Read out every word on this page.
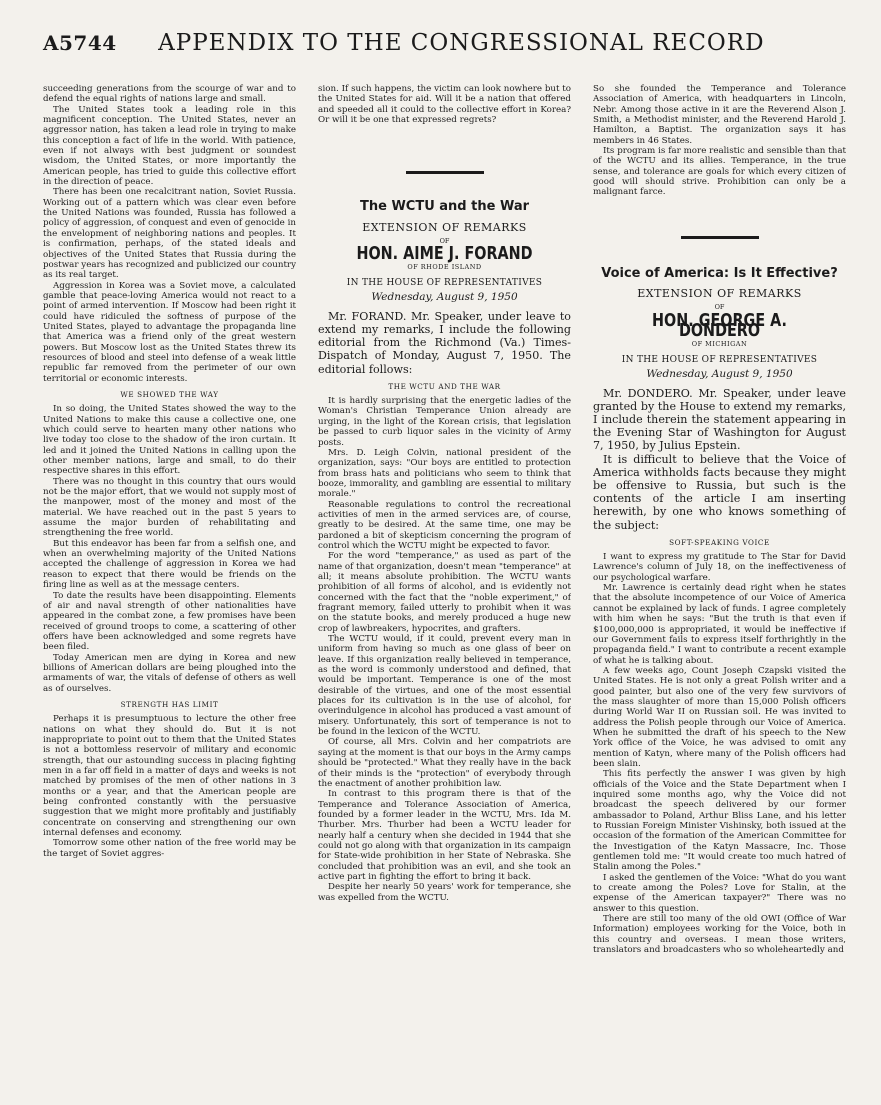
A5744	APPENDIX TO THE CONGRESSIONAL RECORD

succeeding generations from the scourge of war and to defend the equal rights of nations large and small.

The United States took a leading role in this magnificent conception. The United States, never an aggressor nation, has taken a lead role in trying to make this conception a fact of life in the world. With patience, even if not always with best judgment or soundest wisdom, the United States, or more importantly the American people, has tried to guide this collective effort in the direction of peace.

There has been one recalcitrant nation, Soviet Russia. Working out of a pattern which was clear even before the United Nations was founded, Russia has followed a policy of aggression, of conquest and even of genocide in the envelopment of neighboring nations and peoples. It is confirmation, perhaps, of the stated ideals and objectives of the United States that Russia during the postwar years has recognized and publicized our country as its real target.

Aggression in Korea was a Soviet move, a calculated gamble that peace-loving America would not react to a point of armed intervention. If Moscow had been right it could have ridiculed the softness of purpose of the United States, played to advantage the propaganda line that America was a friend only of the great western powers. But Moscow lost as the United States threw its resources of blood and steel into defense of a weak little republic far removed from the perimeter of our own territorial or economic interests.

WE SHOWED THE WAY

In so doing, the United States showed the way to the United Nations to make this cause a collective one, one which could serve to hearten many other nations who live today too close to the shadow of the iron curtain. It led and it joined the United Nations in calling upon the other member nations, large and small, to do their respective shares in this effort.

There was no thought in this country that ours would not be the major effort, that we would not supply most of the manpower, most of the money and most of the material. We have reached out in the past 5 years to assume the major burden of rehabilitating and strengthening the free world.

But this endeavor has been far from a selfish one, and when an overwhelming majority of the United Nations accepted the challenge of aggression in Korea we had reason to expect that there would be friends on the firing line as well as at the message centers.

To date the results have been disappointing. Elements of air and naval strength of other nationalities have appeared in the combat zone, a few promises have been received of ground troops to come, a scattering of other offers have been acknowledged and some regrets have been filed.

Today American men are dying in Korea and new billions of American dollars are being ploughed into the armaments of war, the vitals of defense of others as well as of ourselves.

STRENGTH HAS LIMIT

Perhaps it is presumptuous to lecture the other free nations on what they should do. But it is not inappropriate to point out to them that the United States is not a bottomless reservoir of military and economic strength, that our astounding success in placing fighting men in a far off field in a matter of days and weeks is not matched by promises of the men of other nations in 3 months or a year, and that the American people are being confronted constantly with the persuasive suggestion that we might more profitably and justifiably concentrate on conserving and strengthening our own internal defenses and economy.

Tomorrow some other nation of the free world may be the target of Soviet aggres-

sion. If such happens, the victim can look nowhere but to the United States for aid. Will it be a nation that offered and speeded all it could to the collective effort in Korea? Or will it be one that expressed regrets?

The WCTU and the War
EXTENSION OF REMARKS
OF
HON. AIME J. FORAND
OF RHODE ISLAND
IN THE HOUSE OF REPRESENTATIVES
Wednesday, August 9, 1950

Mr. FORAND. Mr. Speaker, under leave to extend my remarks, I include the following editorial from the Richmond (Va.) Times-Dispatch of Monday, August 7, 1950. The editorial follows:

THE WCTU AND THE WAR

It is hardly surprising that the energetic ladies of the Woman's Christian Temperance Union already are urging, in the light of the Korean crisis, that legislation be passed to curb liquor sales in the vicinity of Army posts.

Mrs. D. Leigh Colvin, national president of the organization, says: "Our boys are entitled to protection from brass hats and politicians who seem to think that booze, immorality, and gambling are essential to military morale."

Reasonable regulations to control the recreational activities of men in the armed services are, of course, greatly to be desired. At the same time, one may be pardoned a bit of skepticism concerning the program of control which the WCTU might be expected to favor.

For the word "temperance," as used as part of the name of that organization, doesn't mean "temperance" at all; it means absolute prohibition. The WCTU wants prohibition of all forms of alcohol, and is evidently not concerned with the fact that the "noble experiment," of fragrant memory, failed utterly to prohibit when it was on the statute books, and merely produced a huge new crop of lawbreakers, hypocrites, and grafters.

The WCTU would, if it could, prevent every man in uniform from having so much as one glass of beer on leave. If this organization really believed in temperance, as the word is commonly understood and defined, that would be important. Temperance is one of the most desirable of the virtues, and one of the most essential places for its cultivation is in the use of alcohol, for overindulgence in alcohol has produced a vast amount of misery. Unfortunately, this sort of temperance is not to be found in the lexicon of the WCTU.

Of course, all Mrs. Colvin and her compatriots are saying at the moment is that our boys in the Army camps should be "protected." What they really have in the back of their minds is the "protection" of everybody through the enactment of another prohibition law.

In contrast to this program there is that of the Temperance and Tolerance Association of America, founded by a former leader in the WCTU, Mrs. Ida M. Thurber. Mrs. Thurber had been a WCTU leader for nearly half a century when she decided in 1944 that she could not go along with that organization in its campaign for State-wide prohibition in her State of Nebraska. She concluded that prohibition was an evil, and she took an active part in fighting the effort to bring it back.

Despite her nearly 50 years' work for temperance, she was expelled from the WCTU.

So she founded the Temperance and Tolerance Association of America, with headquarters in Lincoln, Nebr. Among those active in it are the Reverend Alson J. Smith, a Methodist minister, and the Reverend Harold J. Hamilton, a Baptist. The organization says it has members in 46 States.

Its program is far more realistic and sensible than that of the WCTU and its allies. Temperance, in the true sense, and tolerance are goals for which every citizen of good will should strive. Prohibition can only be a malignant farce.

Voice of America: Is It Effective?
EXTENSION OF REMARKS
OF
HON. GEORGE A. DONDERO
OF MICHIGAN
IN THE HOUSE OF REPRESENTATIVES
Wednesday, August 9, 1950

Mr. DONDERO. Mr. Speaker, under leave granted by the House to extend my remarks, I include therein the statement appearing in the Evening Star of Washington for August 7, 1950, by Julius Epstein.

It is difficult to believe that the Voice of America withholds facts because they might be offensive to Russia, but such is the contents of the article I am inserting herewith, by one who knows something of the subject:

SOFT-SPEAKING VOICE

I want to express my gratitude to The Star for David Lawrence's column of July 18, on the ineffectiveness of our psychological warfare.

Mr. Lawrence is certainly dead right when he states that the absolute incompetence of our Voice of America cannot be explained by lack of funds. I agree completely with him when he says: "But the truth is that even if $100,000,000 is appropriated, it would be ineffective if our Government fails to express itself forthrightly in the propaganda field." I want to contribute a recent example of what he is talking about.

A few weeks ago, Count Joseph Czapski visited the United States. He is not only a great Polish writer and a good painter, but also one of the very few survivors of the mass slaughter of more than 15,000 Polish officers during World War II on Russian soil. He was invited to address the Polish people through our Voice of America. When he submitted the draft of his speech to the New York office of the Voice, he was advised to omit any mention of Katyn, where many of the Polish officers had been slain.

This fits perfectly the answer I was given by high officials of the Voice and the State Department when I inquired some months ago, why the Voice did not broadcast the speech delivered by our former ambassador to Poland, Arthur Bliss Lane, and his letter to Russian Foreign Minister Vishinsky, both issued at the occasion of the formation of the American Committee for the Investigation of the Katyn Massacre, Inc. Those gentlemen told me: "It would create too much hatred of Stalin among the Poles."

I asked the gentlemen of the Voice: "What do you want to create among the Poles? Love for Stalin, at the expense of the American taxpayer?" There was no answer to this question.

There are still too many of the old OWI (Office of War Information) employees working for the Voice, both in this country and overseas. I mean those writers, translators and broadcasters who so wholeheartedly and
